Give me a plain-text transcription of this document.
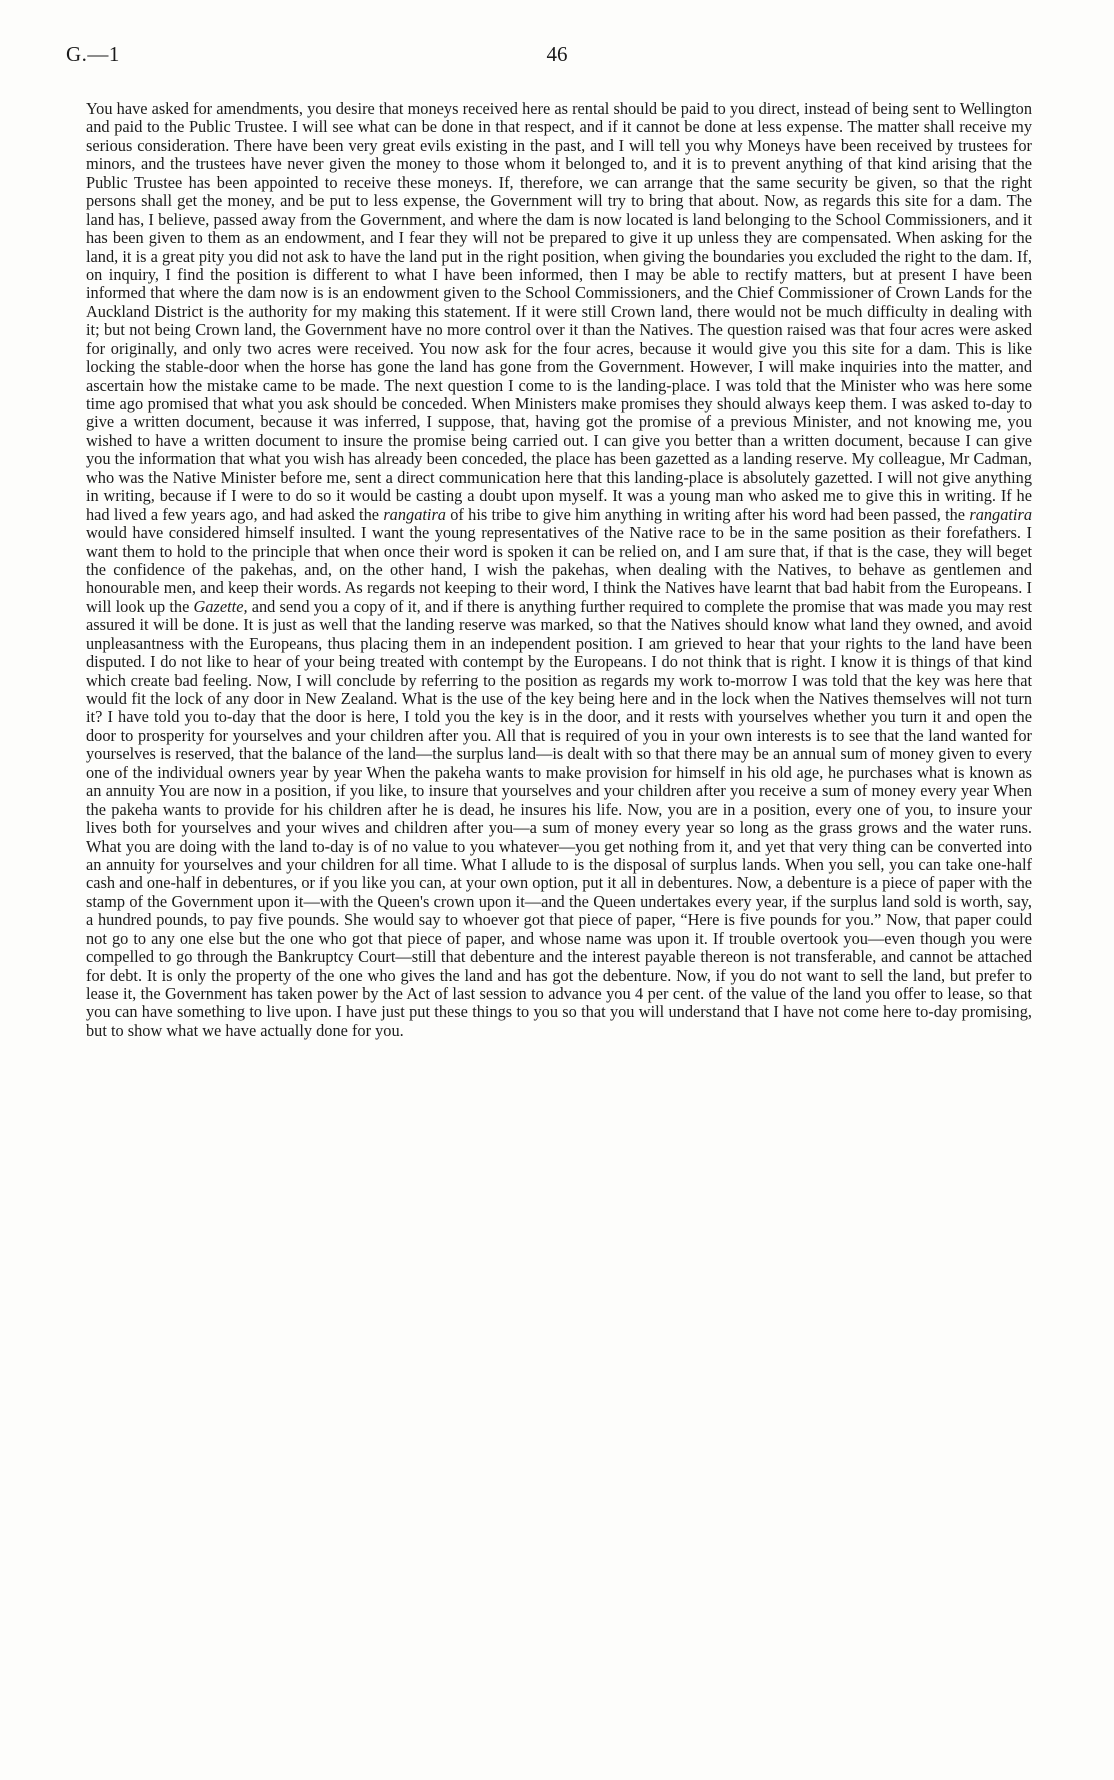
G.—1	46

You have asked for amendments, you desire that moneys received here as rental should be paid to you direct, instead of being sent to Wellington and paid to the Public Trustee. I will see what can be done in that respect, and if it cannot be done at less expense. The matter shall receive my serious consideration. There have been very great evils existing in the past, and I will tell you why Moneys have been received by trustees for minors, and the trustees have never given the money to those whom it belonged to, and it is to prevent anything of that kind arising that the Public Trustee has been appointed to receive these moneys. If, therefore, we can arrange that the same security be given, so that the right persons shall get the money, and be put to less expense, the Government will try to bring that about. Now, as regards this site for a dam. The land has, I believe, passed away from the Government, and where the dam is now located is land belonging to the School Commissioners, and it has been given to them as an endowment, and I fear they will not be prepared to give it up unless they are compensated. When asking for the land, it is a great pity you did not ask to have the land put in the right position, when giving the boundaries you excluded the right to the dam. If, on inquiry, I find the position is different to what I have been informed, then I may be able to rectify matters, but at present I have been informed that where the dam now is is an endowment given to the School Commissioners, and the Chief Commissioner of Crown Lands for the Auckland District is the authority for my making this statement. If it were still Crown land, there would not be much difficulty in dealing with it; but not being Crown land, the Government have no more control over it than the Natives. The question raised was that four acres were asked for originally, and only two acres were received. You now ask for the four acres, because it would give you this site for a dam. This is like locking the stable-door when the horse has gone the land has gone from the Government. However, I will make inquiries into the matter, and ascertain how the mistake came to be made. The next question I come to is the landing-place. I was told that the Minister who was here some time ago promised that what you ask should be conceded. When Ministers make promises they should always keep them. I was asked to-day to give a written document, because it was inferred, I suppose, that, having got the promise of a previous Minister, and not knowing me, you wished to have a written document to insure the promise being carried out. I can give you better than a written document, because I can give you the information that what you wish has already been conceded, the place has been gazetted as a landing reserve. My colleague, Mr Cadman, who was the Native Minister before me, sent a direct communication here that this landing-place is absolutely gazetted. I will not give anything in writing, because if I were to do so it would be casting a doubt upon myself. It was a young man who asked me to give this in writing. If he had lived a few years ago, and had asked the rangatira of his tribe to give him anything in writing after his word had been passed, the rangatira would have considered himself insulted. I want the young representatives of the Native race to be in the same position as their forefathers. I want them to hold to the principle that when once their word is spoken it can be relied on, and I am sure that, if that is the case, they will beget the confidence of the pakehas, and, on the other hand, I wish the pakehas, when dealing with the Natives, to behave as gentlemen and honourable men, and keep their words. As regards not keeping to their word, I think the Natives have learnt that bad habit from the Europeans. I will look up the Gazette, and send you a copy of it, and if there is anything further required to complete the promise that was made you may rest assured it will be done. It is just as well that the landing reserve was marked, so that the Natives should know what land they owned, and avoid unpleasantness with the Europeans, thus placing them in an independent position. I am grieved to hear that your rights to the land have been disputed. I do not like to hear of your being treated with contempt by the Europeans. I do not think that is right. I know it is things of that kind which create bad feeling. Now, I will conclude by referring to the position as regards my work to-morrow I was told that the key was here that would fit the lock of any door in New Zealand. What is the use of the key being here and in the lock when the Natives themselves will not turn it? I have told you to-day that the door is here, I told you the key is in the door, and it rests with yourselves whether you turn it and open the door to prosperity for yourselves and your children after you. All that is required of you in your own interests is to see that the land wanted for yourselves is reserved, that the balance of the land—the surplus land—is dealt with so that there may be an annual sum of money given to every one of the individual owners year by year When the pakeha wants to make provision for himself in his old age, he purchases what is known as an annuity You are now in a position, if you like, to insure that yourselves and your children after you receive a sum of money every year When the pakeha wants to provide for his children after he is dead, he insures his life. Now, you are in a position, every one of you, to insure your lives both for yourselves and your wives and children after you—a sum of money every year so long as the grass grows and the water runs. What you are doing with the land to-day is of no value to you whatever—you get nothing from it, and yet that very thing can be converted into an annuity for yourselves and your children for all time. What I allude to is the disposal of surplus lands. When you sell, you can take one-half cash and one-half in debentures, or if you like you can, at your own option, put it all in debentures. Now, a debenture is a piece of paper with the stamp of the Government upon it—with the Queen's crown upon it—and the Queen undertakes every year, if the surplus land sold is worth, say, a hundred pounds, to pay five pounds. She would say to whoever got that piece of paper, “Here is five pounds for you.” Now, that paper could not go to any one else but the one who got that piece of paper, and whose name was upon it. If trouble overtook you—even though you were compelled to go through the Bankruptcy Court—still that debenture and the interest payable thereon is not transferable, and cannot be attached for debt. It is only the property of the one who gives the land and has got the debenture. Now, if you do not want to sell the land, but prefer to lease it, the Government has taken power by the Act of last session to advance you 4 per cent. of the value of the land you offer to lease, so that you can have something to live upon. I have just put these things to you so that you will understand that I have not come here to-day promising, but to show what we have actually done for you.
